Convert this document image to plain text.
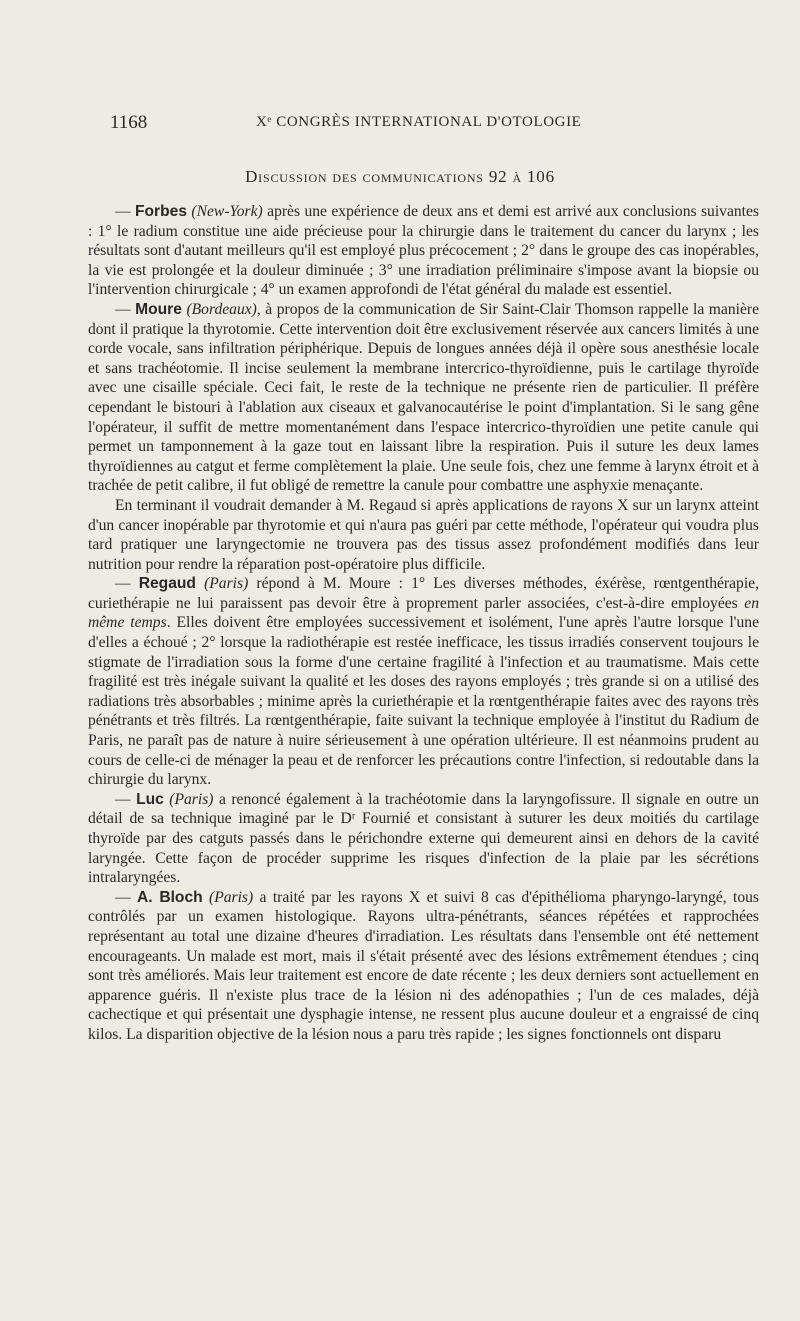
1168	Xᵉ CONGRÈS INTERNATIONAL D'OTOLOGIE
Discussion des communications 92 à 106

— Forbes (New-York) après une expérience de deux ans et demi est arrivé aux conclusions suivantes : 1° le radium constitue une aide précieuse pour la chirurgie dans le traitement du cancer du larynx ; les résultats sont d'autant meilleurs qu'il est employé plus précocement ; 2° dans le groupe des cas inopérables, la vie est prolongée et la douleur diminuée ; 3° une irradiation préliminaire s'impose avant la biopsie ou l'intervention chirurgicale ; 4° un examen approfondi de l'état général du malade est essentiel.

— Moure (Bordeaux), à propos de la communication de Sir Saint-Clair Thomson rappelle la manière dont il pratique la thyrotomie. Cette intervention doit être exclusivement réservée aux cancers limités à une corde vocale, sans infiltration périphérique. Depuis de longues années déjà il opère sous anesthésie locale et sans trachéotomie. Il incise seulement la membrane intercrico-thyroïdienne, puis le cartilage thyroïde avec une cisaille spéciale. Ceci fait, le reste de la technique ne présente rien de particulier. Il préfère cependant le bistouri à l'ablation aux ciseaux et galvanocautérise le point d'implantation. Si le sang gêne l'opérateur, il suffit de mettre momentanément dans l'espace intercrico-thyroïdien une petite canule qui permet un tamponnement à la gaze tout en laissant libre la respiration. Puis il suture les deux lames thyroïdiennes au catgut et ferme complètement la plaie. Une seule fois, chez une femme à larynx étroit et à trachée de petit calibre, il fut obligé de remettre la canule pour combattre une asphyxie menaçante.

En terminant il voudrait demander à M. Regaud si après applications de rayons X sur un larynx atteint d'un cancer inopérable par thyrotomie et qui n'aura pas guéri par cette méthode, l'opérateur qui voudra plus tard pratiquer une laryngectomie ne trouvera pas des tissus assez profondément modifiés dans leur nutrition pour rendre la réparation post-opératoire plus difficile.

— Regaud (Paris) répond à M. Moure : 1° Les diverses méthodes, éxérèse, rœntgenthérapie, curiethérapie ne lui paraissent pas devoir être à proprement parler associées, c'est-à-dire employées en même temps. Elles doivent être employées successivement et isolément, l'une après l'autre lorsque l'une d'elles a échoué ; 2° lorsque la radiothérapie est restée inefficace, les tissus irradiés conservent toujours le stigmate de l'irradiation sous la forme d'une certaine fragilité à l'infection et au traumatisme. Mais cette fragilité est très inégale suivant la qualité et les doses des rayons employés ; très grande si on a utilisé des radiations très absorbables ; minime après la curiethérapie et la rœntgenthérapie faites avec des rayons très pénétrants et très filtrés. La rœntgenthérapie, faite suivant la technique employée à l'institut du Radium de Paris, ne paraît pas de nature à nuire sérieusement à une opération ultérieure. Il est néanmoins prudent au cours de celle-ci de ménager la peau et de renforcer les précautions contre l'infection, si redoutable dans la chirurgie du larynx.

— Luc (Paris) a renoncé également à la trachéotomie dans la laryngofissure. Il signale en outre un détail de sa technique imaginé par le Dʳ Fournié et consistant à suturer les deux moitiés du cartilage thyroïde par des catguts passés dans le périchondre externe qui demeurent ainsi en dehors de la cavité laryngée. Cette façon de procéder supprime les risques d'infection de la plaie par les sécrétions intralaryngées.

— A. Bloch (Paris) a traité par les rayons X et suivi 8 cas d'épithélioma pharyngo-laryngé, tous contrôlés par un examen histologique. Rayons ultra-pénétrants, séances répétées et rapprochées représentant au total une dizaine d'heures d'irradiation. Les résultats dans l'ensemble ont été nettement encourageants. Un malade est mort, mais il s'était présenté avec des lésions extrêmement étendues ; cinq sont très améliorés. Mais leur traitement est encore de date récente ; les deux derniers sont actuellement en apparence guéris. Il n'existe plus trace de la lésion ni des adénopathies ; l'un de ces malades, déjà cachectique et qui présentait une dysphagie intense, ne ressent plus aucune douleur et a engraissé de cinq kilos. La disparition objective de la lésion nous a paru très rapide ; les signes fonctionnels ont disparu
